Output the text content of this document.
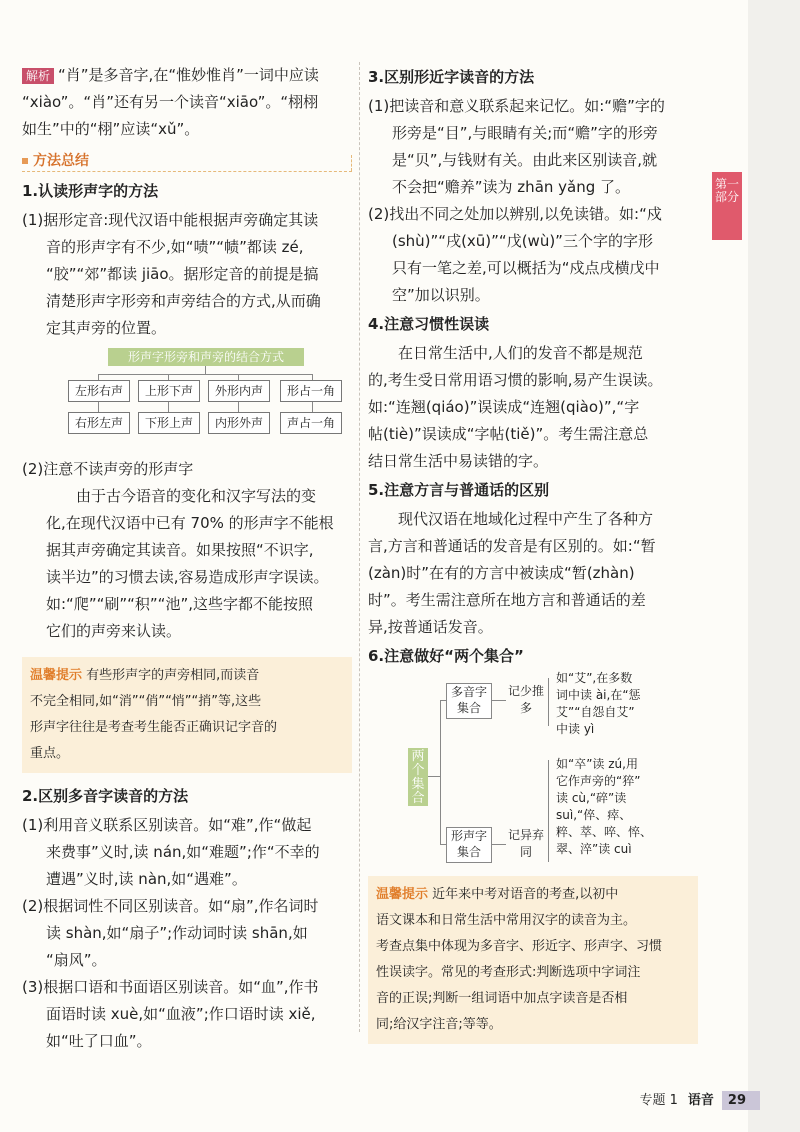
第一部分

解析 “肖”是多音字,在“惟妙惟肖”一词中应读

“xiào”。“肖”还有另一个读音“xiāo”。“栩栩

如生”中的“栩”应读“xǔ”。

方法总结
1.认读形声字的方法

(1)据形定音:现代汉语中能根据声旁确定其读

音的形声字有不少,如“啧”“帻”都读 zé,

“胶”“郊”都读 jiāo。据形定音的前提是搞

清楚形声字形旁和声旁结合的方式,从而确

定其声旁的位置。

形声字形旁和声旁的结合方式
左形右声	上形下声	外形内声	形占一角
右形左声	下形上声	内形外声	声占一角

(2)注意不读声旁的形声字

由于古今语音的变化和汉字写法的变

化,在现代汉语中已有 70% 的形声字不能根

据其声旁确定其读音。如果按照“不识字,

读半边”的习惯去读,容易造成形声字误读。

如:“爬”“刷”“积”“池”,这些字都不能按照

它们的声旁来认读。

温馨提示 有些形声字的声旁相同,而读音
不完全相同,如“消”“俏”“悄”“捎”等,这些
形声字往往是考查考生能否正确识记字音的
重点。
2.区别多音字读音的方法

(1)利用音义联系区别读音。如“难”,作“做起

来费事”义时,读 nán,如“难题”;作“不幸的

遭遇”义时,读 nàn,如“遇难”。

(2)根据词性不同区别读音。如“扇”,作名词时

读 shàn,如“扇子”;作动词时读 shān,如

“扇风”。

(3)根据口语和书面语区别读音。如“血”,作书

面语时读 xuè,如“血液”;作口语时读 xiě,

如“吐了口血”。

3.区别形近字读音的方法

(1)把读音和意义联系起来记忆。如:“赡”字的

形旁是“目”,与眼睛有关;而“赡”字的形旁

是“贝”,与钱财有关。由此来区别读音,就

不会把“赡养”读为 zhān yǎng 了。

(2)找出不同之处加以辨别,以免读错。如:“戍

(shù)”“戌(xū)”“戊(wù)”三个字的字形

只有一笔之差,可以概括为“戍点戌横戊中

空”加以识别。

4.注意习惯性误读

在日常生活中,人们的发音不都是规范

的,考生受日常用语习惯的影响,易产生误读。

如:“连翘(qiáo)”误读成“连翘(qiào)”,“字

帖(tiè)”误读成“字帖(tiě)”。考生需注意总

结日常生活中易读错的字。

5.注意方言与普通话的区别

现代汉语在地域化过程中产生了各种方

言,方言和普通话的发音是有区别的。如:“暂

(zàn)时”在有的方言中被读成“暂(zhàn)

时”。考生需注意所在地方言和普通话的差

异,按普通话发音。

6.注意做好“两个集合”
两个集合
多音字集合
记少推多
如“艾”,在多数
词中读 ài,在“惩
艾”“自怨自艾”
中读 yì
形声字集合
记异弃同
如“卒”读 zú,用
它作声旁的“猝”
读 cù,“碎”读
suì,“倅、瘁、
粹、萃、啐、悴、
翠、淬”读 cuì
温馨提示 近年来中考对语音的考查,以初中
语文课本和日常生活中常用汉字的读音为主。
考查点集中体现为多音字、形近字、形声字、习惯
性误读字。常见的考查形式:判断选项中字词注
音的正误;判断一组词语中加点字读音是否相
同;给汉字注音;等等。
专题 1 语音 29
